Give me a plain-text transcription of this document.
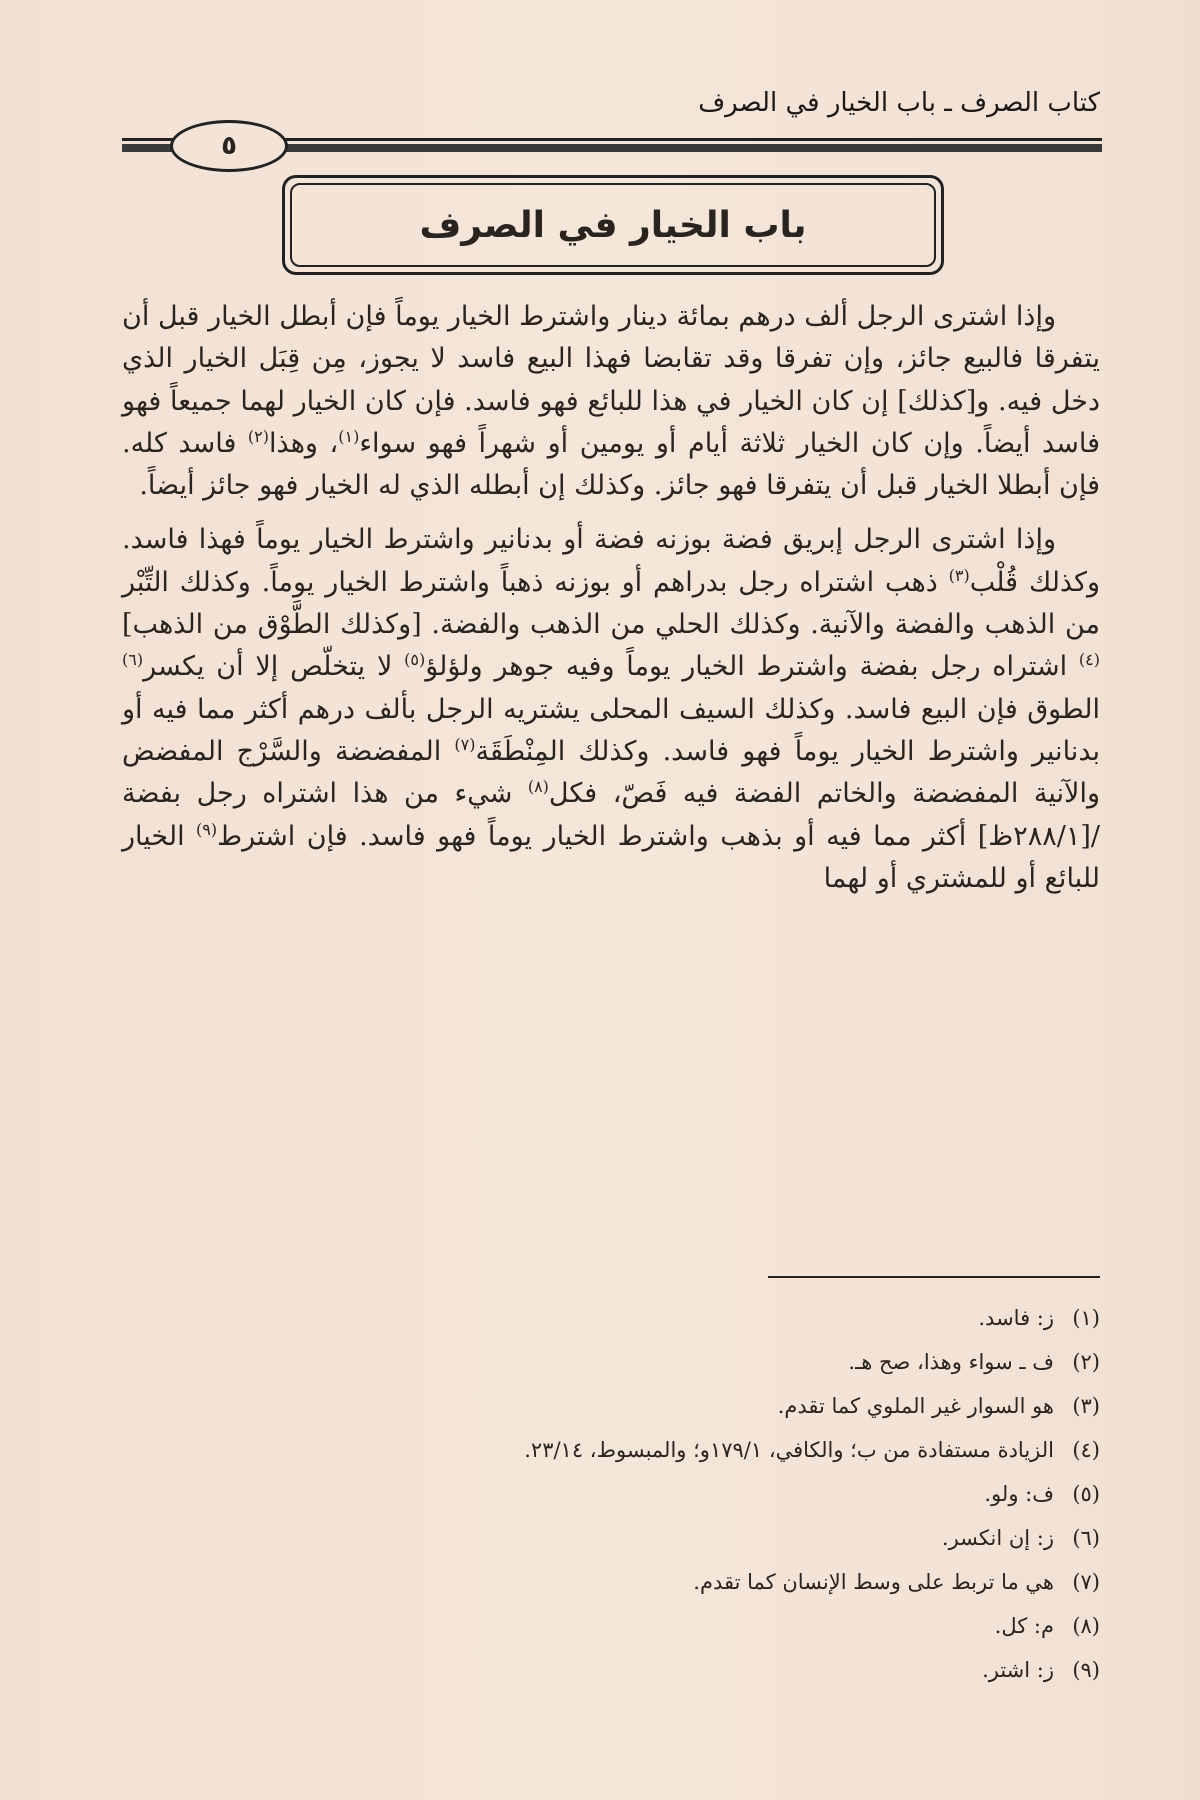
كتاب الصرف ـ باب الخيار في الصرف
٥
باب الخيار في الصرف

وإذا اشترى الرجل ألف درهم بمائة دينار واشترط الخيار يوماً فإن أبطل الخيار قبل أن يتفرقا فالبيع جائز، وإن تفرقا وقد تقابضا فهذا البيع فاسد لا يجوز، مِن قِبَل الخيار الذي دخل فيه. و[كذلك] إن كان الخيار في هذا للبائع فهو فاسد. فإن كان الخيار لهما جميعاً فهو فاسد أيضاً. وإن كان الخيار ثلاثة أيام أو يومين أو شهراً فهو سواء$^{(١)}$، وهذا$^{(٢)}$ فاسد كله. فإن أبطلا الخيار قبل أن يتفرقا فهو جائز. وكذلك إن أبطله الذي له الخيار فهو جائز أيضاً.

وإذا اشترى الرجل إبريق فضة بوزنه فضة أو بدنانير واشترط الخيار يوماً فهذا فاسد. وكذلك قُلْب$^{(٣)}$ ذهب اشتراه رجل بدراهم أو بوزنه ذهباً واشترط الخيار يوماً. وكذلك التِّبْر من الذهب والفضة والآنية. وكذلك الحلي من الذهب والفضة. [وكذلك الطَّوْق من الذهب]$^{(٤)}$ اشتراه رجل بفضة واشترط الخيار يوماً وفيه جوهر ولؤلؤ$^{(٥)}$ لا يتخلّص إلا أن يكسر$^{(٦)}$ الطوق فإن البيع فاسد. وكذلك السيف المحلى يشتريه الرجل بألف درهم أكثر مما فيه أو بدنانير واشترط الخيار يوماً فهو فاسد. وكذلك المِنْطَقَة$^{(٧)}$ المفضضة والسَّرْج المفضض والآنية المفضضة والخاتم الفضة فيه فَصّ، فكل$^{(٨)}$ شيء من هذا اشتراه رجل بفضة /[٢٨٨/١ظ] أكثر مما فيه أو بذهب واشترط الخيار يوماً فهو فاسد. فإن اشترط$^{(٩)}$ الخيار للبائع أو للمشتري أو لهما

(١)
ز: فاسد.
(٢)
ف ـ سواء وهذا، صح هـ.
(٣)
هو السوار غير الملوي كما تقدم.
(٤)
الزيادة مستفادة من ب؛ والكافي، ١٧٩/١و؛ والمبسوط، ٢٣/١٤.
(٥)
ف: ولو.
(٦)
ز: إن انكسر.
(٧)
هي ما تربط على وسط الإنسان كما تقدم.
(٨)
م: كل.
(٩)
ز: اشتر.
